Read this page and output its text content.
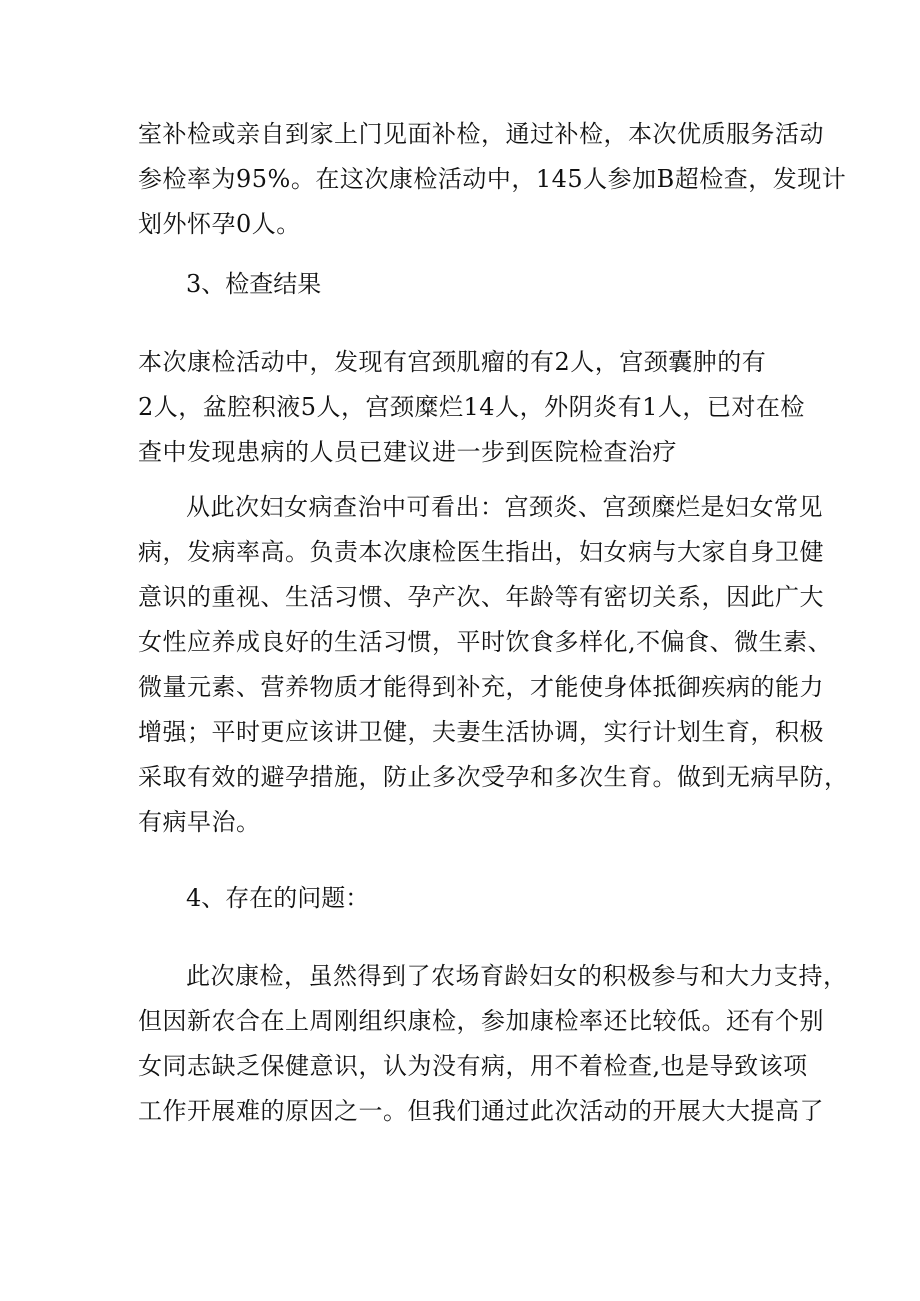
室补检或亲自到家上门见面补检，通过补检，本次优质服务活动
参检率为95%。在这次康检活动中，145人参加B超检查，发现计
划外怀孕0人。
3、检查结果
本次康检活动中，发现有宫颈肌瘤的有2人，宫颈囊肿的有
2人，盆腔积液5人，宫颈糜烂14人，外阴炎有1人，已对在检
查中发现患病的人员已建议进一步到医院检查治疗
从此次妇女病查治中可看出：宫颈炎、宫颈糜烂是妇女常见
病，发病率高。负责本次康检医生指出，妇女病与大家自身卫健
意识的重视、生活习惯、孕产次、年龄等有密切关系，因此广大
女性应养成良好的生活习惯，平时饮食多样化,不偏食、微生素、
微量元素、营养物质才能得到补充，才能使身体抵御疾病的能力
增强；平时更应该讲卫健，夫妻生活协调，实行计划生育，积极
采取有效的避孕措施，防止多次受孕和多次生育。做到无病早防，
有病早治。
4、存在的问题：
此次康检，虽然得到了农场育龄妇女的积极参与和大力支持，
但因新农合在上周刚组织康检，参加康检率还比较低。还有个别
女同志缺乏保健意识，认为没有病，用不着检查,也是导致该项
工作开展难的原因之一。但我们通过此次活动的开展大大提高了
